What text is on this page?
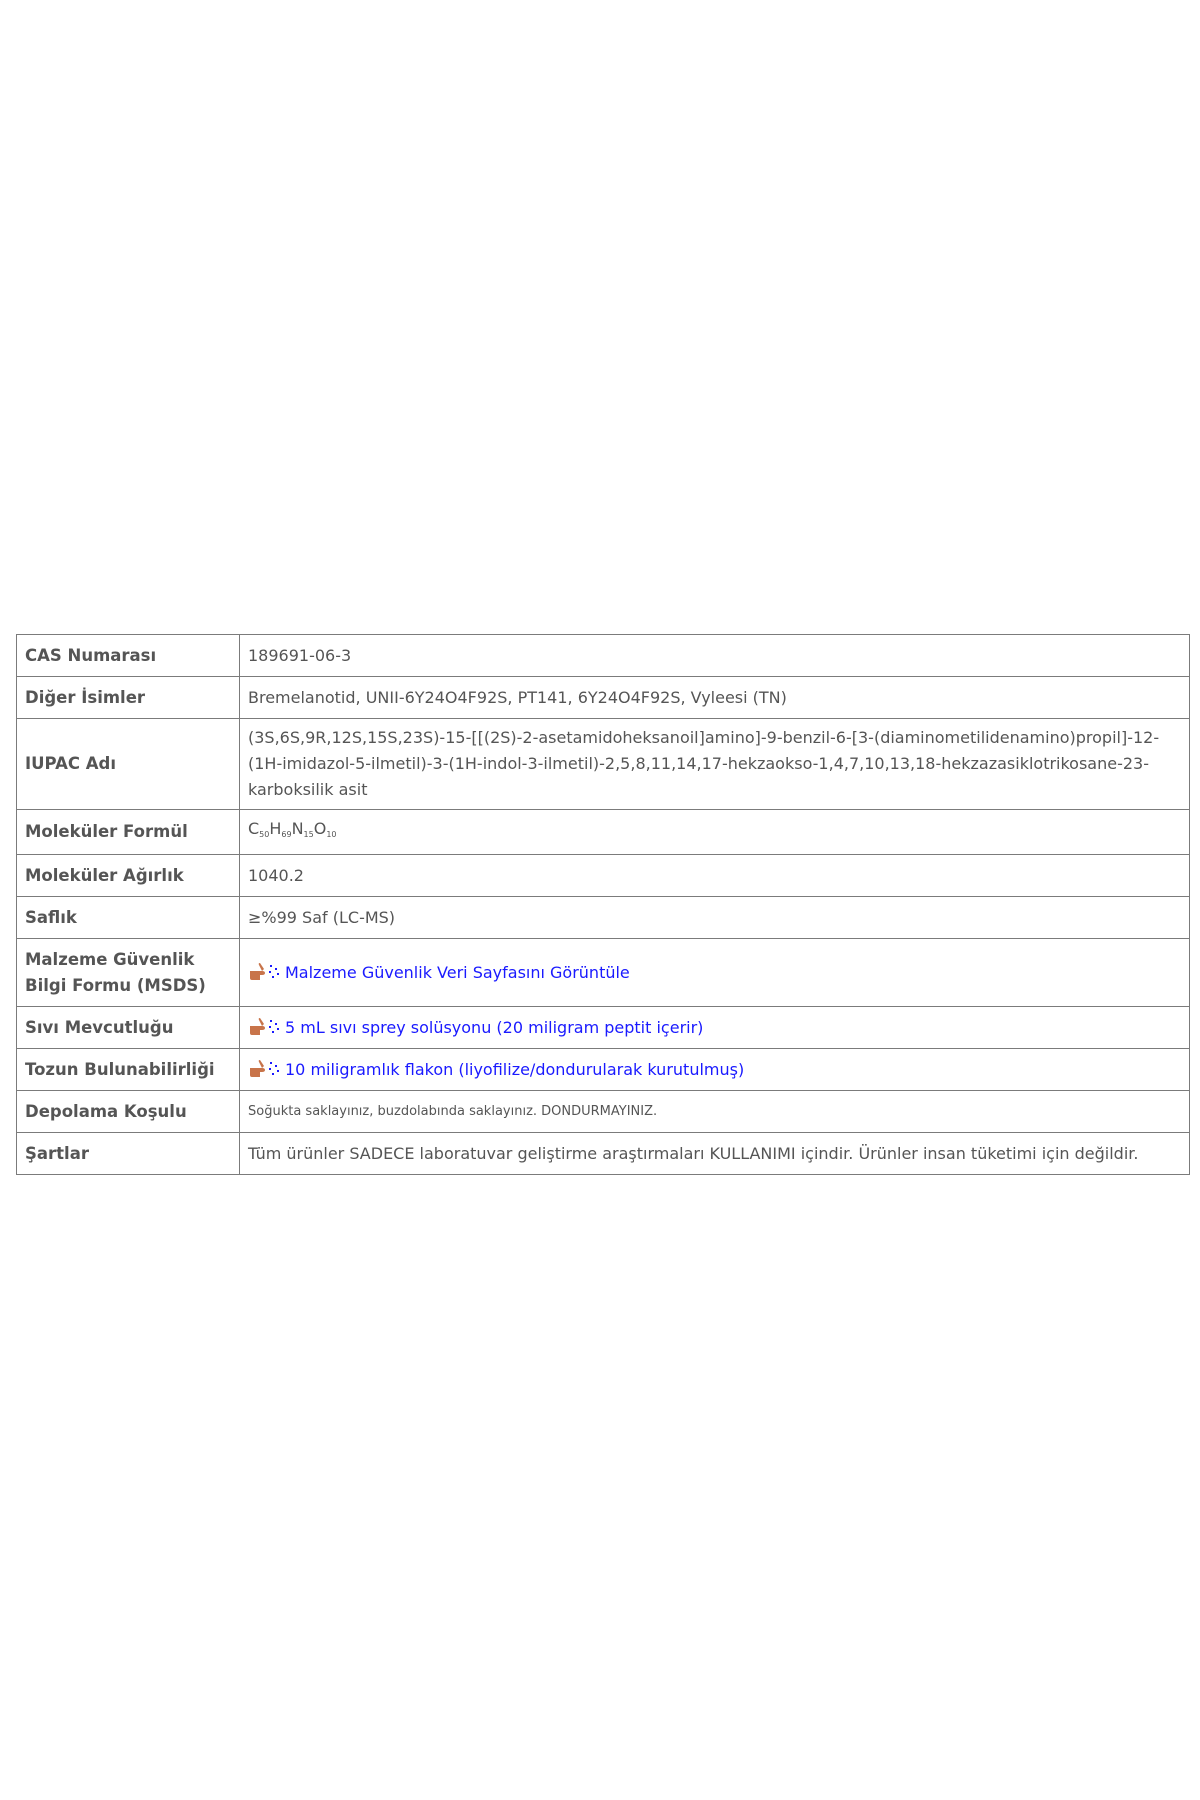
CAS Numarası	189691-06-3
Diğer İsimler	Bremelanotid, UNII-6Y24O4F92S, PT141, 6Y24O4F92S, Vyleesi (TN)
IUPAC Adı	(3S,6S,9R,12S,15S,23S)-15-[[(2S)-2-asetamidoheksanoil]amino]-9-benzil-6-[3-(diaminometilidenamino)propil]-12-(1H-imidazol-5-ilmetil)-3-(1H-indol-3-ilmetil)-2,5,8,11,14,17-hekzaokso-1,4,7,10,13,18-hekzazasiklotrikosane-23-karboksilik asit
Moleküler Formül	$C_{50}H_{69}N_{15}O_{10}$
Moleküler Ağırlık	1040.2
Saflık	≥%99 Saf (LC-MS)
Malzeme Güvenlik
Bilgi Formu (MSDS)	Malzeme Güvenlik Veri Sayfasını Görüntüle
Sıvı Mevcutluğu	5 mL sıvı sprey solüsyonu (20 miligram peptit içerir)
Tozun Bulunabilirliği	10 miligramlık flakon (liyofilize/dondurularak kurutulmuş)
Depolama Koşulu	Soğukta saklayınız, buzdolabında saklayınız. DONDURMAYINIZ.
Şartlar	Tüm ürünler SADECE laboratuvar geliştirme araştırmaları KULLANIMI içindir. Ürünler insan tüketimi için değildir.
